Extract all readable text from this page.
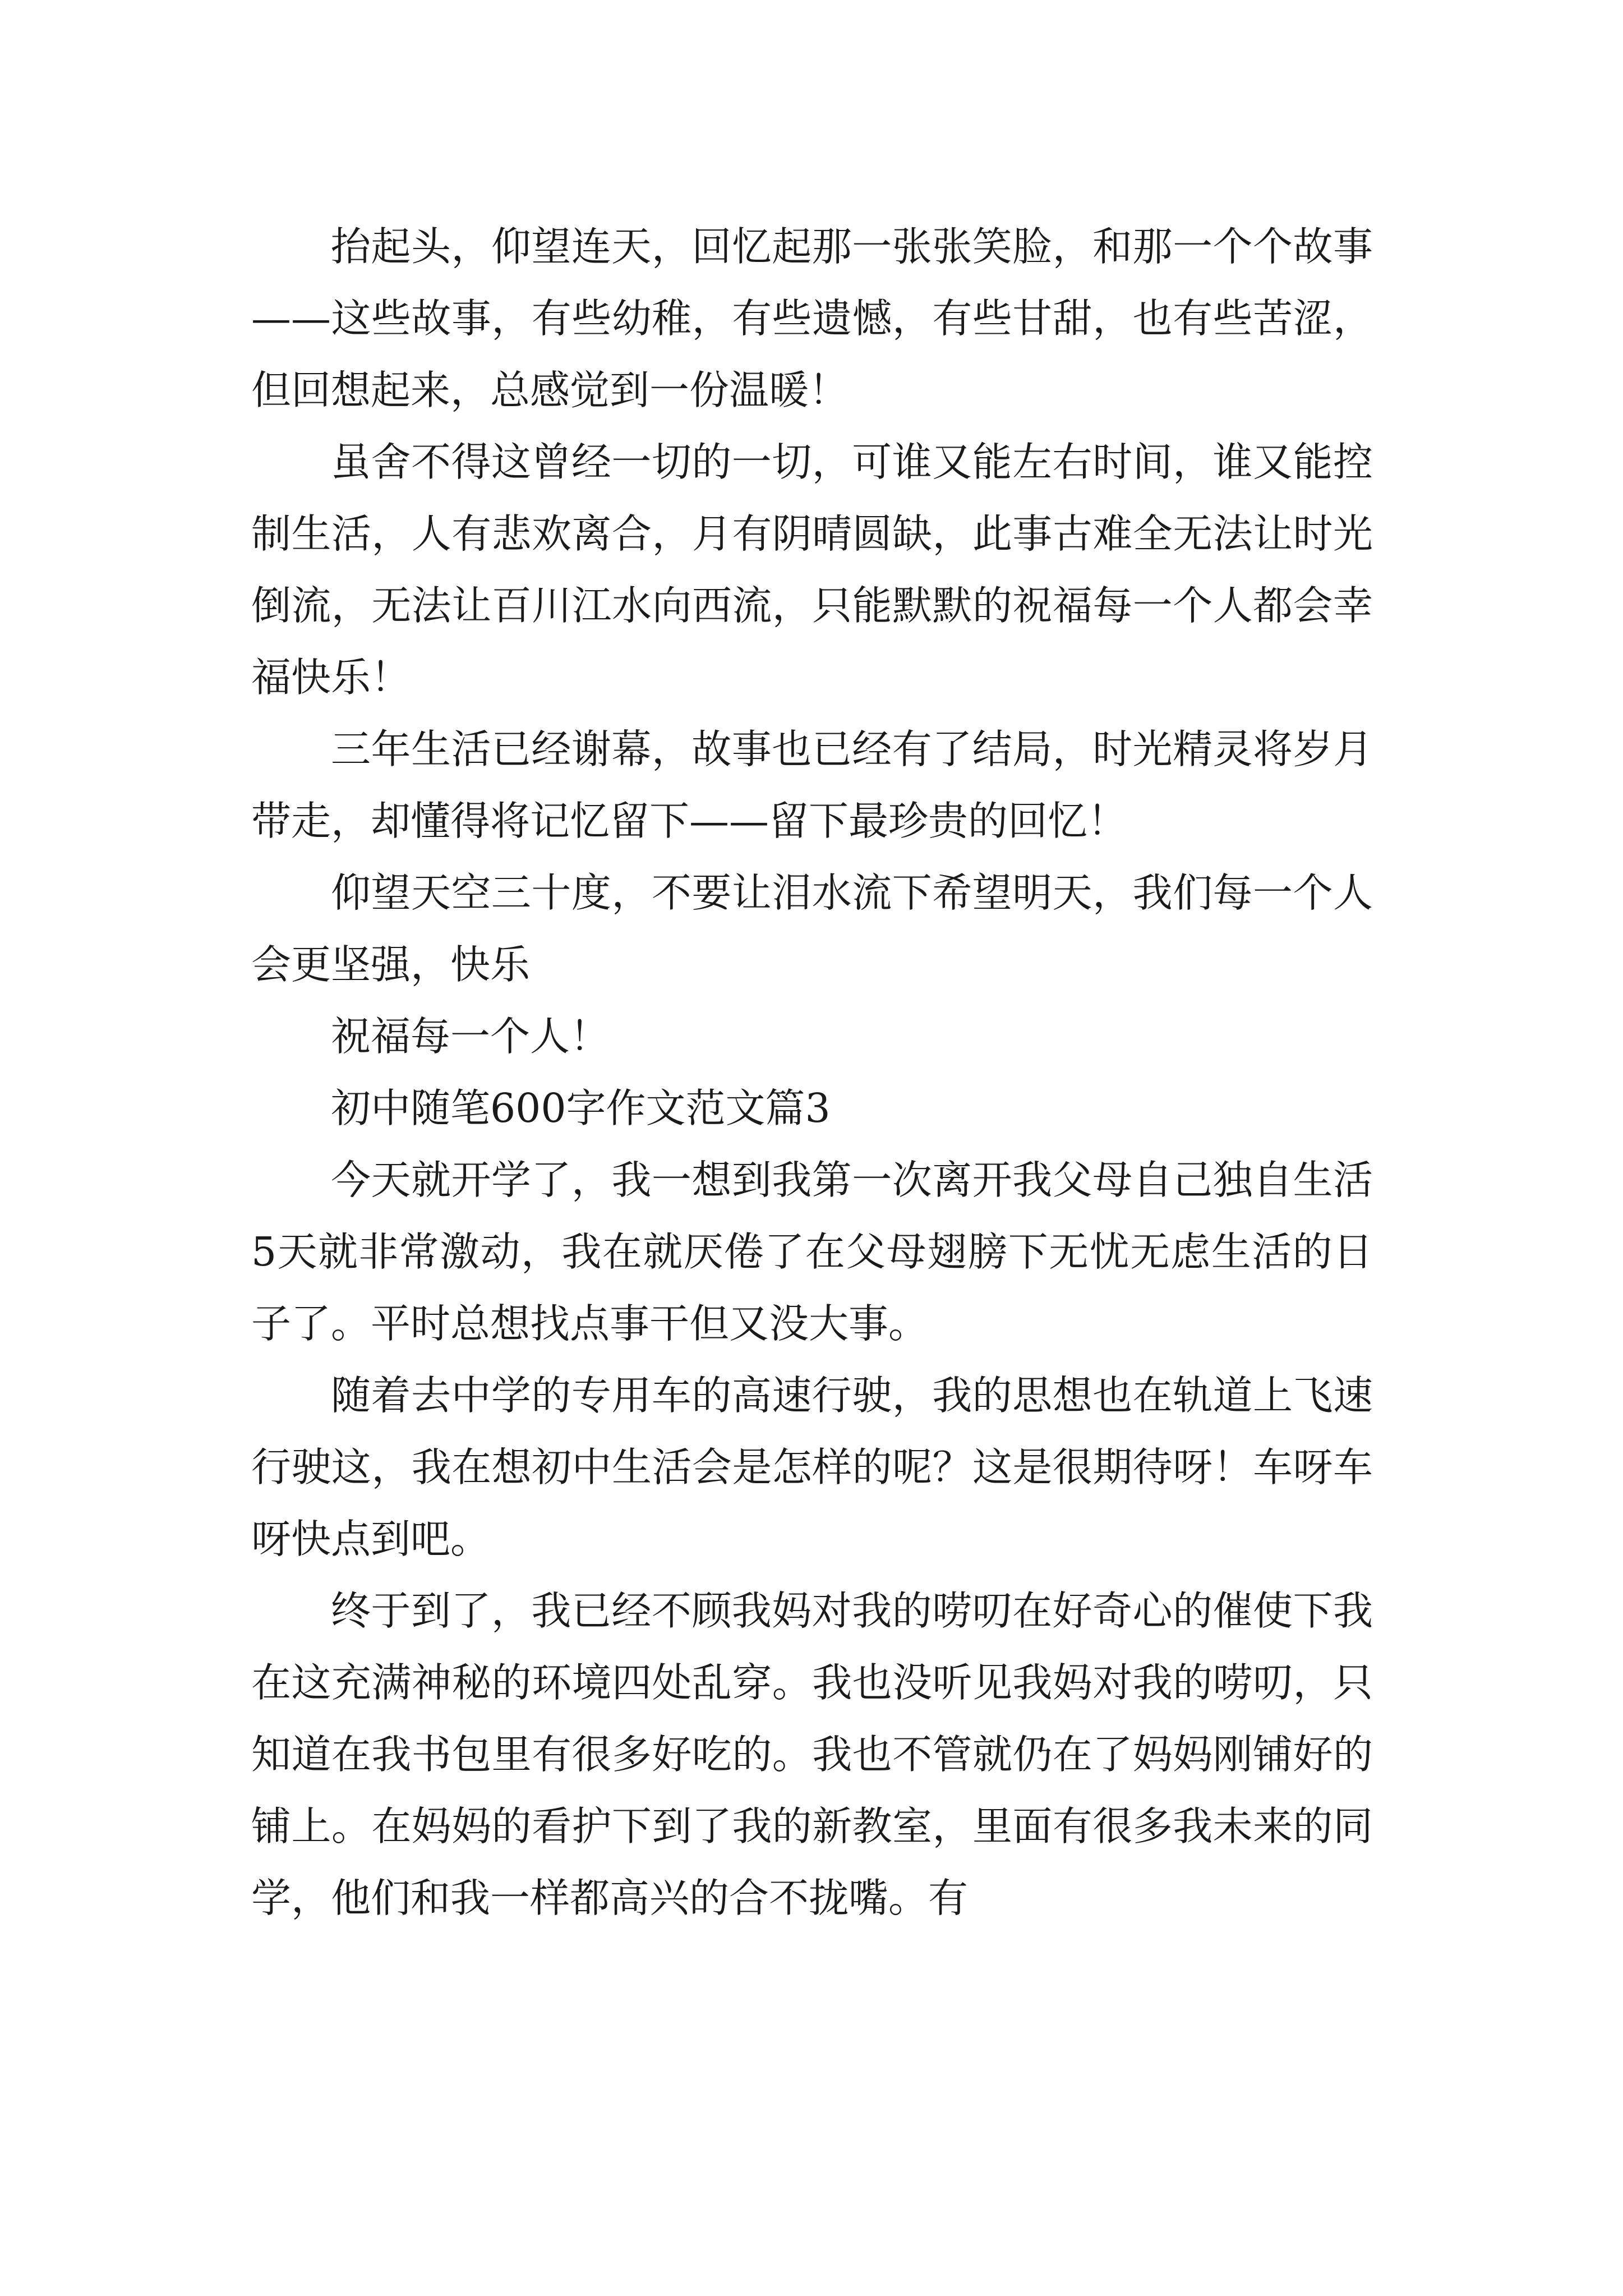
抬起头，仰望连天，回忆起那一张张笑脸，和那一个个故事——这些故事，有些幼稚，有些遗憾，有些甘甜，也有些苦涩，但回想起来，总感觉到一份温暖！

虽舍不得这曾经一切的一切，可谁又能左右时间，谁又能控制生活，人有悲欢离合，月有阴晴圆缺，此事古难全无法让时光倒流，无法让百川江水向西流，只能默默的祝福每一个人都会幸福快乐！

三年生活已经谢幕，故事也已经有了结局，时光精灵将岁月带走，却懂得将记忆留下——留下最珍贵的回忆！

仰望天空三十度，不要让泪水流下希望明天，我们每一个人会更坚强，快乐

祝福每一个人！

初中随笔600字作文范文篇3

今天就开学了，我一想到我第一次离开我父母自己独自生活5天就非常激动，我在就厌倦了在父母翅膀下无忧无虑生活的日子了。平时总想找点事干但又没大事。

随着去中学的专用车的高速行驶，我的思想也在轨道上飞速行驶这，我在想初中生活会是怎样的呢？这是很期待呀！车呀车呀快点到吧。

终于到了，我已经不顾我妈对我的唠叨在好奇心的催使下我在这充满神秘的环境四处乱穿。我也没听见我妈对我的唠叨，只知道在我书包里有很多好吃的。我也不管就仍在了妈妈刚铺好的铺上。在妈妈的看护下到了我的新教室，里面有很多我未来的同学，他们和我一样都高兴的合不拢嘴。有
